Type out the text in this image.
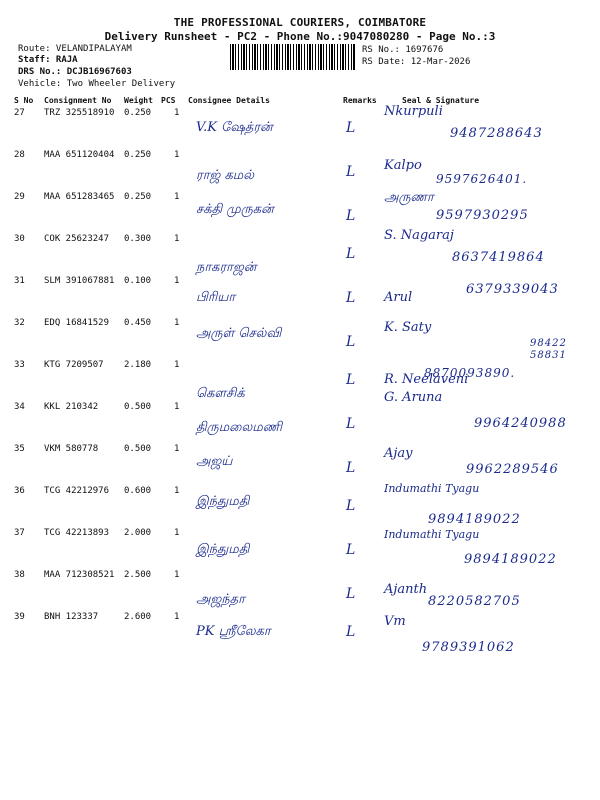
THE PROFESSIONAL COURIERS, COIMBATORE
Delivery Runsheet - PC2 - Phone No.:9047080280 - Page No.:3
Route: VELANDIPALAYAM
Staff: RAJA
DRS No.: DCJB16967603
Vehicle: Two Wheeler Delivery
RS No.: 1697676
RS Date: 12-Mar-2026
S No Consignment No Weight PCS Consignee Details	Remarks	Seal & Signature
27 TRZ 325518910 0.250	1
V.K ஷேத்ரன்	L
Nkurpuli
9487288643
28 MAA 651120404 0.250	1
ராஜ் கமல்	L Kalpo
9597626401.
29 MAA 651283465 0.250	1
சக்தி முருகன்	L
அருணா
9597930295
30 COK 25623247 0.300	1
நாகராஜன்
L
S. Nagaraj
8637419864
31 SLM 391067881 0.100	1
பிரியா	L Arul
6379339043
32 EDQ 16841529 0.450	1
அருள் செல்வி
L
K. Saty
98422 58831
33 KTG 7209507 2.180	1
கௌசிக்
L R. Neelaveni
8870093890.
34 KKL 210342	0.500	1
திருமலைமணி	L
G. Aruna
9964240988
35 VKM 580778	0.500	1
அஜய்	L
Ajay
9962289546
36 TCG 42212976 0.600	1
இந்துமதி	L
Indumathi Tyagu
9894189022
37 TCG 42213893 2.000	1
இந்துமதி	L
Indumathi Tyagu
9894189022
38 MAA 712308521 2.500	1
அஜந்தா	L Ajanth
8220582705
39 BNH 123337	2.600	1
PK ஸ்ரீலேகா	L
Vm
9789391062
